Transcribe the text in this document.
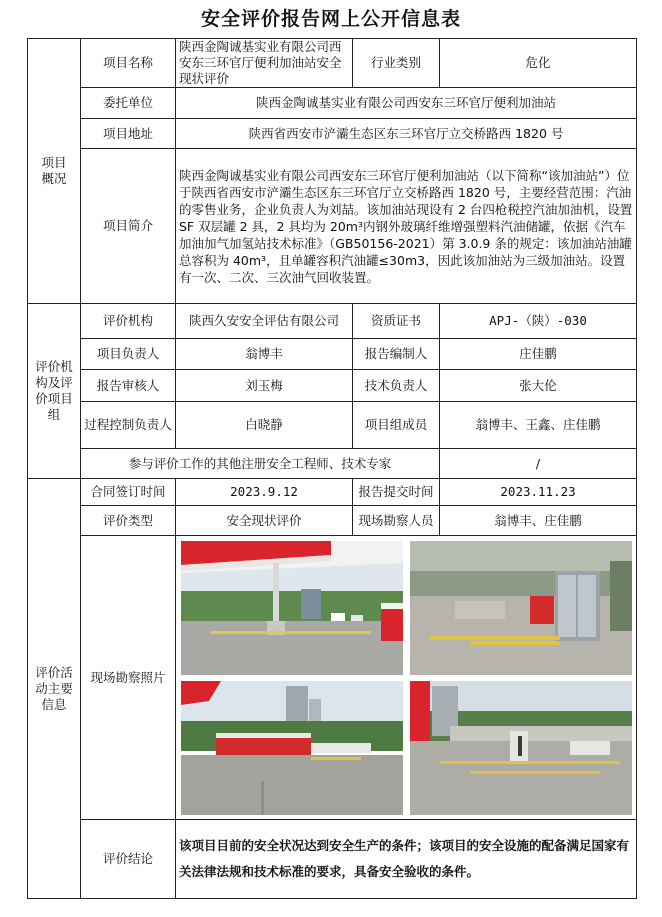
安全评价报告网上公开信息表
项目
概况	项目名称	陕西金陶诚基实业有限公司西安东三环官厅便利加油站安全现状评价	行业类别	危化
	委托单位	陕西金陶诚基实业有限公司西安东三环官厅便利加油站		
	项目地址	陕西省西安市浐灞生态区东三环官厅立交桥路西 1820 号		
	项目简介	陕西金陶诚基实业有限公司西安东三环官厅便利加油站（以下简称“该加油站”）位于陕西省西安市浐灞生态区东三环官厅立交桥路西 1820 号，主要经营范围：汽油的零售业务，企业负责人为刘喆。该加油站现设有 2 台四枪税控汽油加油机，设置 SF 双层罐 2 具，2 具均为 20m³内钢外玻璃纤维增强塑料汽油储罐，依据《汽车加油加气加氢站技术标准》（GB50156-2021）第 3.0.9 条的规定：该加油站油罐总容积为 40m³，且单罐容积汽油罐≤30m3，因此该加油站为三级加油站。设置有一次、二次、三次油气回收装置。		
评价机构及评价项目组	评价机构	陕西久安安全评估有限公司	资质证书	APJ-（陕）-030
	项目负责人	翁博丰	报告编制人	庄佳鹏
	报告审核人	刘玉梅	技术负责人	张大伦
	过程控制负责人	白晓静	项目组成员	翁博丰、王鑫、庄佳鹏
	参与评价工作的其他注册安全工程师、技术专家			/
评价活动主要信息	合同签订时间	2023.9.12	报告提交时间	2023.11.23
	评价类型	安全现状评价	现场勘察人员	翁博丰、庄佳鹏
	现场勘察照片	

	评价结论	该项目目前的安全状况达到安全生产的条件；该项目的安全设施的配备满足国家有关法律法规和技术标准的要求，具备安全验收的条件。		
